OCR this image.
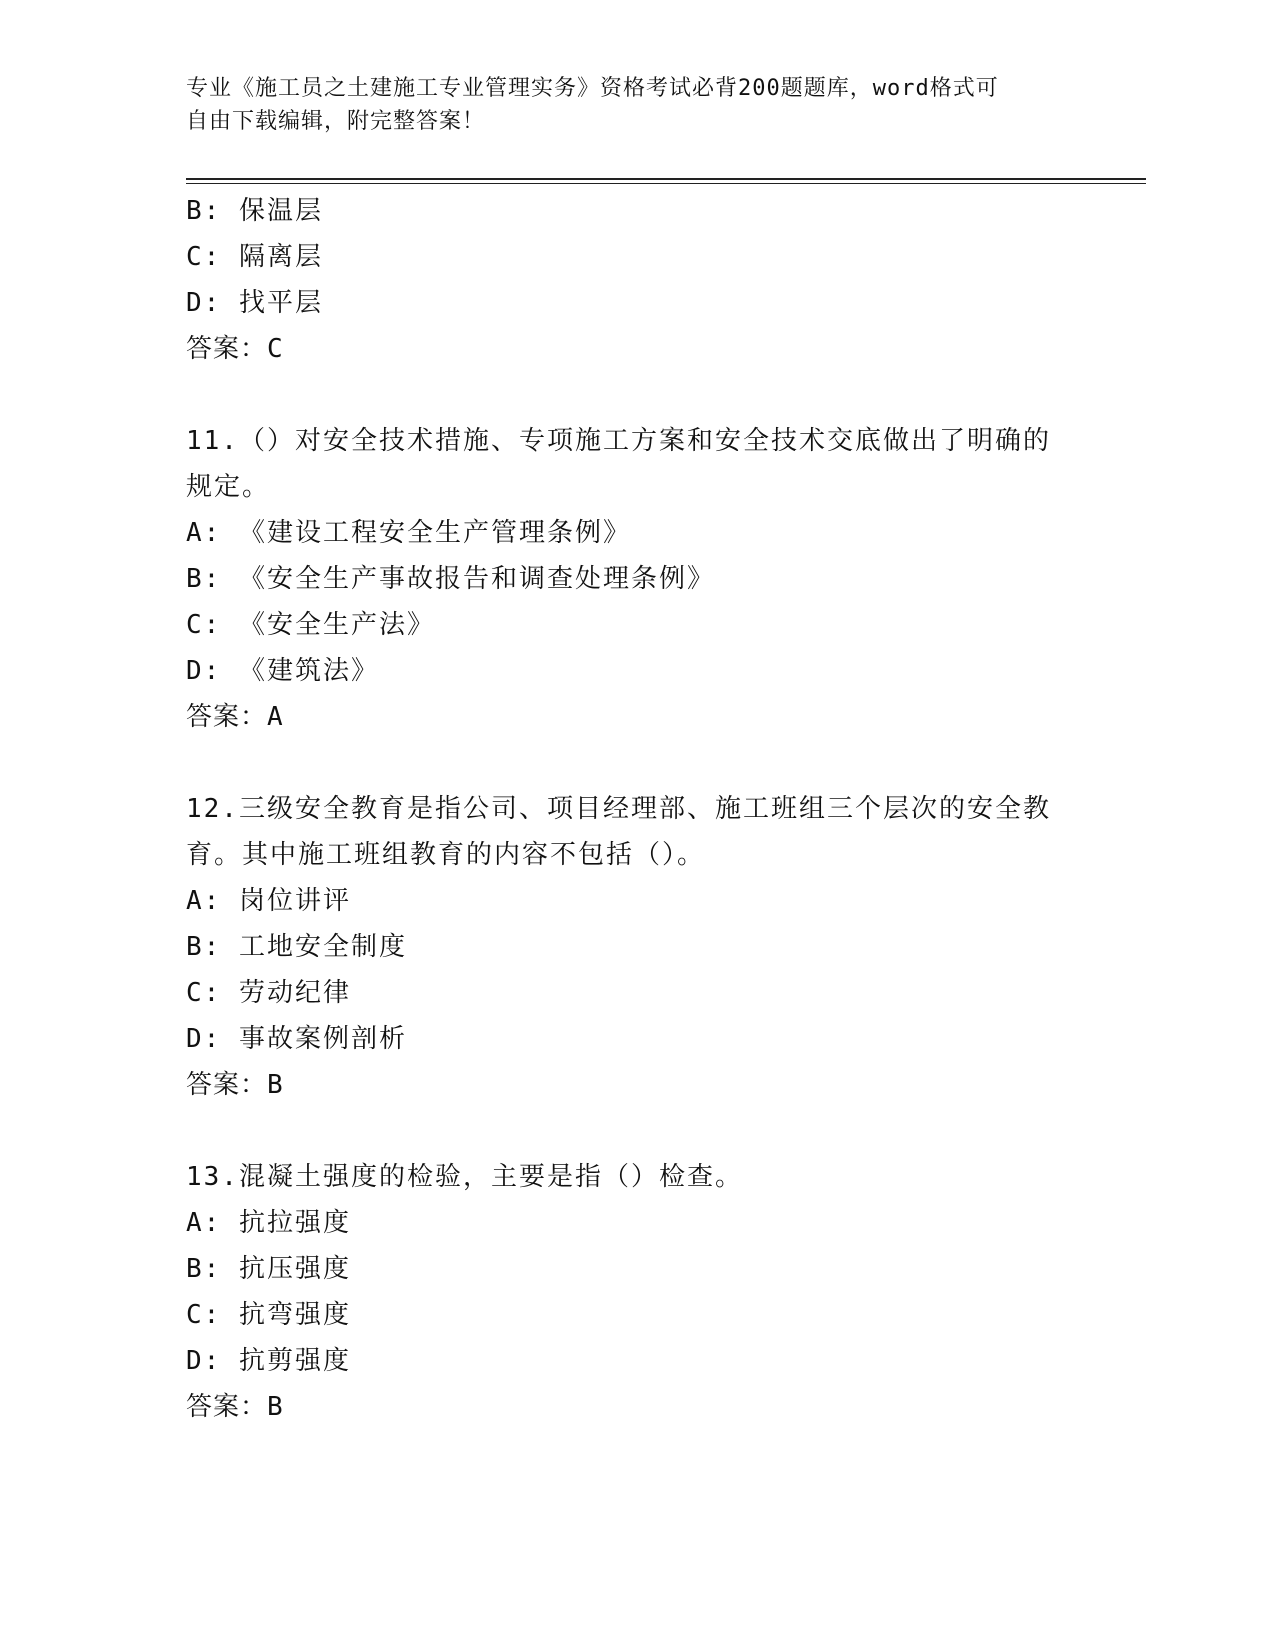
专业《施工员之土建施工专业管理实务》资格考试必背200题题库，word格式可
自由下载编辑，附完整答案！
B: 保温层
C: 隔离层
D: 找平层
答案：C
11.（）对安全技术措施、专项施工方案和安全技术交底做出了明确的
规定。
A: 《建设工程安全生产管理条例》
B: 《安全生产事故报告和调查处理条例》
C: 《安全生产法》
D: 《建筑法》
答案：A
12.三级安全教育是指公司、项目经理部、施工班组三个层次的安全教
育。其中施工班组教育的内容不包括（）。
A: 岗位讲评
B: 工地安全制度
C: 劳动纪律
D: 事故案例剖析
答案：B
13.混凝土强度的检验，主要是指（）检查。
A: 抗拉强度
B: 抗压强度
C: 抗弯强度
D: 抗剪强度
答案：B
